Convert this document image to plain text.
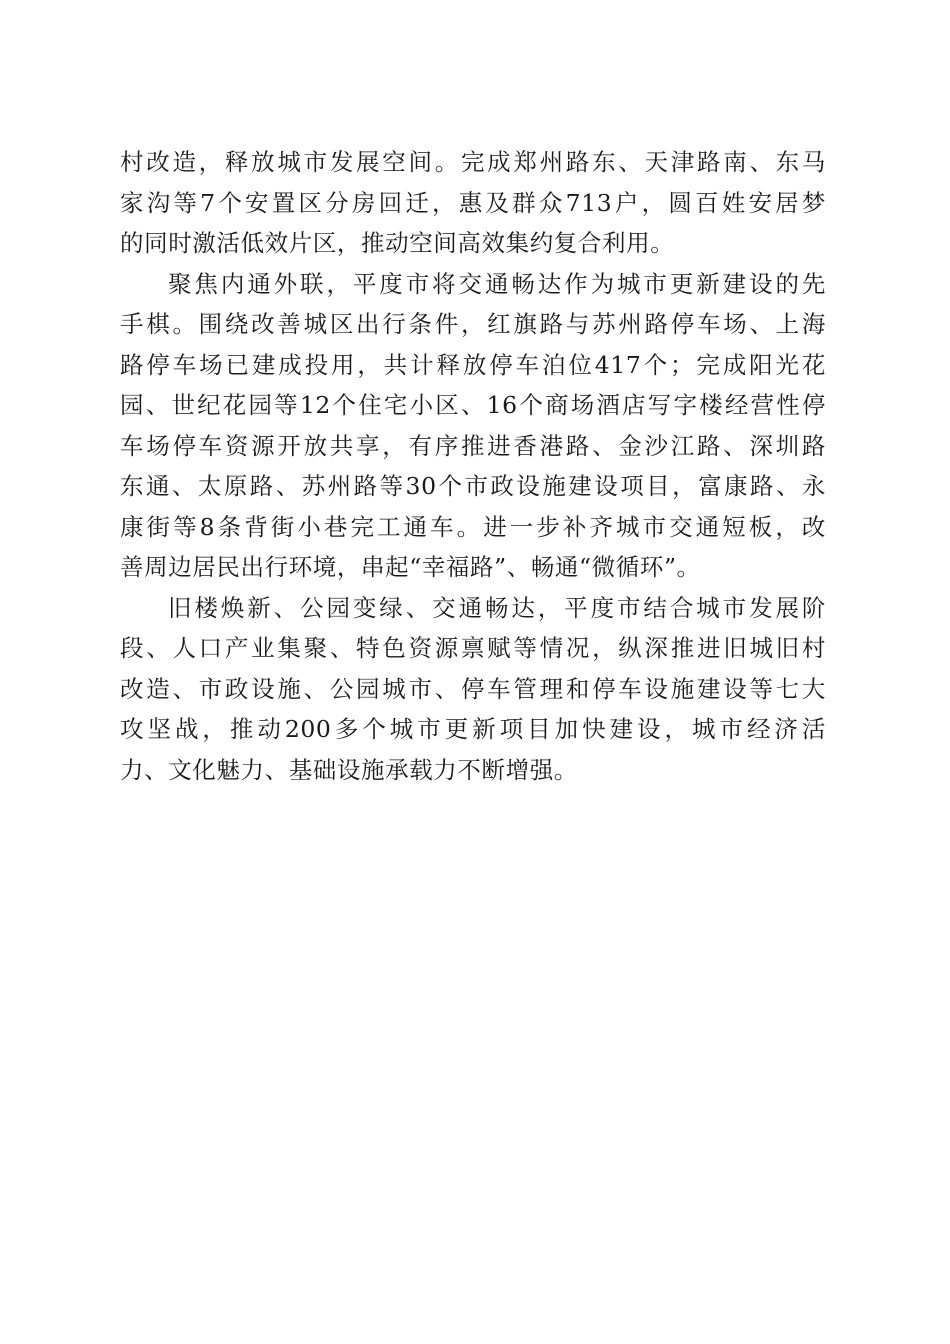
村改造，释放城市发展空间。完成郑州路东、天津路南、东马
家沟等7个安置区分房回迁，惠及群众713户，圆百姓安居梦
的同时激活低效片区，推动空间高效集约复合利用。
聚焦内通外联，平度市将交通畅达作为城市更新建设的先
手棋。围绕改善城区出行条件，红旗路与苏州路停车场、上海
路停车场已建成投用，共计释放停车泊位417个；完成阳光花
园、世纪花园等12个住宅小区、16个商场酒店写字楼经营性停
车场停车资源开放共享，有序推进香港路、金沙江路、深圳路
东通、太原路、苏州路等30个市政设施建设项目，富康路、永
康街等8条背街小巷完工通车。进一步补齐城市交通短板，改
善周边居民出行环境，串起“幸福路”、畅通“微循环”。
旧楼焕新、公园变绿、交通畅达，平度市结合城市发展阶
段、人口产业集聚、特色资源禀赋等情况，纵深推进旧城旧村
改造、市政设施、公园城市、停车管理和停车设施建设等七大
攻坚战，推动200多个城市更新项目加快建设，城市经济活
力、文化魅力、基础设施承载力不断增强。
